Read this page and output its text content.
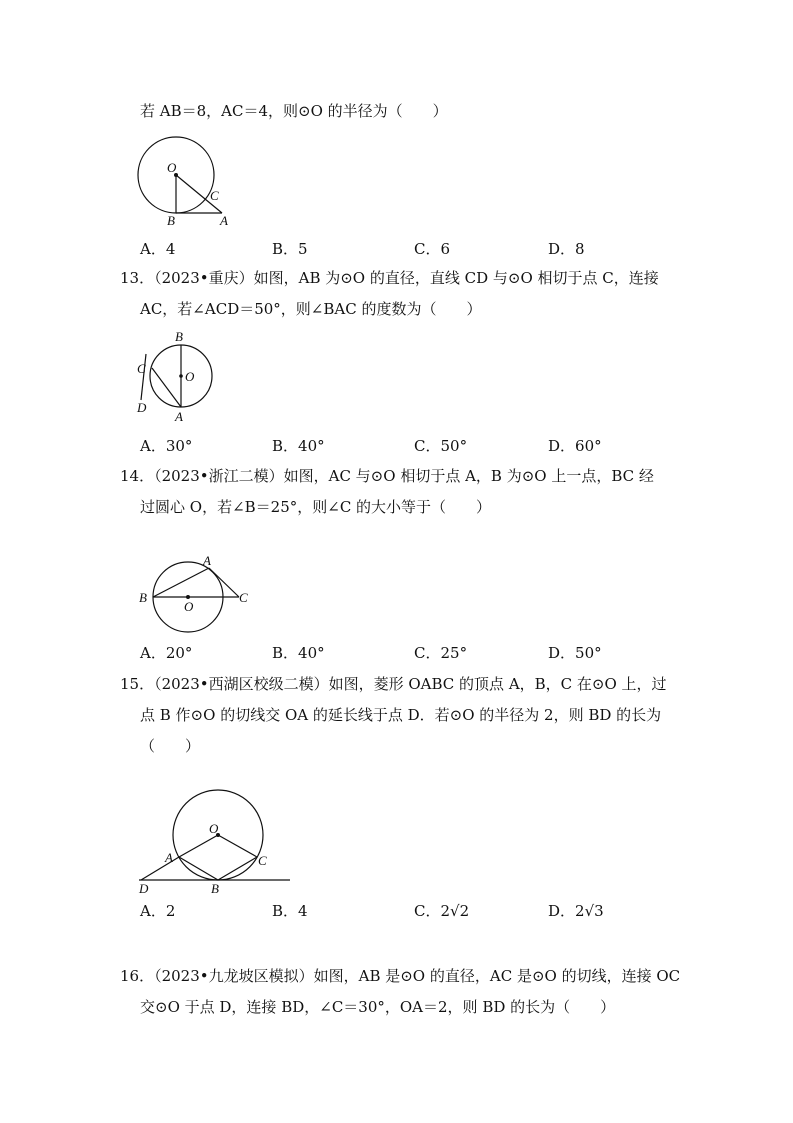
若 AB＝8，AC＝4，则⊙O 的半径为（　　）
O
B
C
A
A．4	B．5	C．6	D．8
13．（2023•重庆）如图，AB 为⊙O 的直径，直线 CD 与⊙O 相切于点 C，连接
AC，若∠ACD＝50°，则∠BAC 的度数为（　　）
B
C
O
D
A
A．30°	B．40°	C．50°	D．60°
14．（2023•浙江二模）如图，AC 与⊙O 相切于点 A，B 为⊙O 上一点，BC 经
过圆心 O，若∠B＝25°，则∠C 的大小等于（　　）
A
B
O
C
A．20°	B．40°	C．25°	D．50°
15．（2023•西湖区校级二模）如图，菱形 OABC 的顶点 A，B，C 在⊙O 上，过
点 B 作⊙O 的切线交 OA 的延长线于点 D．若⊙O 的半径为 2，则 BD 的长为
（　　）
O
A	C
D	B
A．2	B．4	C．2√2	D．2√3
16．（2023•九龙坡区模拟）如图，AB 是⊙O 的直径，AC 是⊙O 的切线，连接 OC
交⊙O 于点 D，连接 BD，∠C＝30°，OA＝2，则 BD 的长为（　　）
